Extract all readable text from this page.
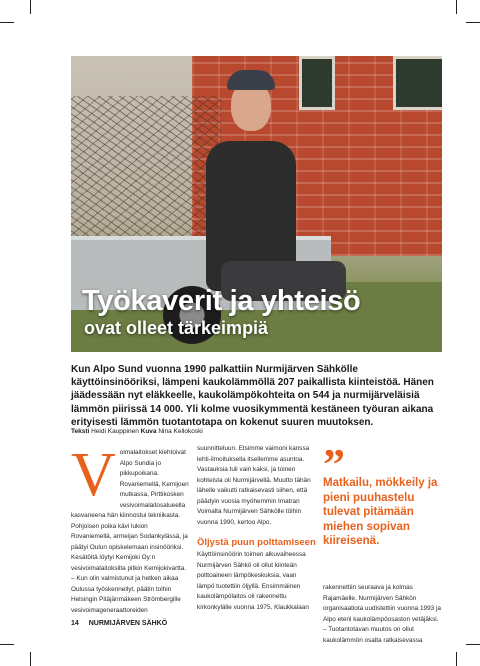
Työkaverit ja yhteisö
ovat olleet tärkeimpiä
Kun Alpo Sund vuonna 1990 palkattiin Nurmijärven Sähkölle käyttöinsinööriksi, lämpeni kaukolämmöllä 207 paikallista kiinteistöä. Hänen jäädessään nyt eläkkeelle, kaukolämpökohteita on 544 ja nurmijärveläisiä lämmön piirissä 14 000. Yli kolme vuosikymmentä kestäneen työuran aikana erityisesti lämmön tuotantotapa on kokenut suuren muutoksen.
Teksti Heidi Kauppinen Kuva Nina Kellokoski
V oimalaitokset kiehtoivat Alpo Sundia jo pikkupoikana. Rovaniemellä, Kemijoen mutkassa, Pirttikosken vesivoimalaitosalueella kasvaneena hän kiinnostui tekniikasta. Pohjoisen poika kävi lukion Rovaniemellä, armeijan Sodankylässä, ja päätyi Oulun opiskelemaan insinööriksi. Kesätöitä löytyi Kemijoki Oy:n vesivoimalaitoksilta pitkin Kemijokivartta.

– Kun olin valmistunut ja hetken aikaa Oulussa työskennellyt, päätin tolhin Helsingin Pitäjänmäkeen Strömbergille vesivoimageneraattoreiden

suunnitteluun. Etsimme vaimoni kanssa lehti-ilmoituksella itsellemme asuntoa. Vastauksia tuli vain kaksi, ja toinen kohteista oli Nurmijärvellä. Muutto tähän lähelle vaikutti ratkaisevasti siihen, että päädyin vuosia myöhemmin Imatran Voimalta Nurmijärven Sähkölle töihin vuonna 1990, kertoo Alpo.

Öljystä puun polttamiseen

Käyttöinsinöörin toimen alkuvaiheessa Nurmijärven Sähkö oli ollut kiinteän polttoaineen lämpökeskuksia, vaan lämpö tuotettiin öljyllä. Ensimmäinen kaukolämpölaitos oli rakennettu kirkonkylälle vuonna 1975, Klaukkalaan

”
Matkailu, mökkeily ja pieni puuhastelu tulevat pitämään miehen sopivan kiireisenä.

rakennettiin seuraava ja kolmas Rajamäelle. Nurmijärven Sähkön organisaatiota uudistettiin vuonna 1993 ja Alpo eteni kaukolämpöosaston vetäjäksi.

– Tuotantotavan muutos on ollut kaukolämmön osalta ratkaisevassa

14 NURMIJÄRVEN SÄHKÖ
